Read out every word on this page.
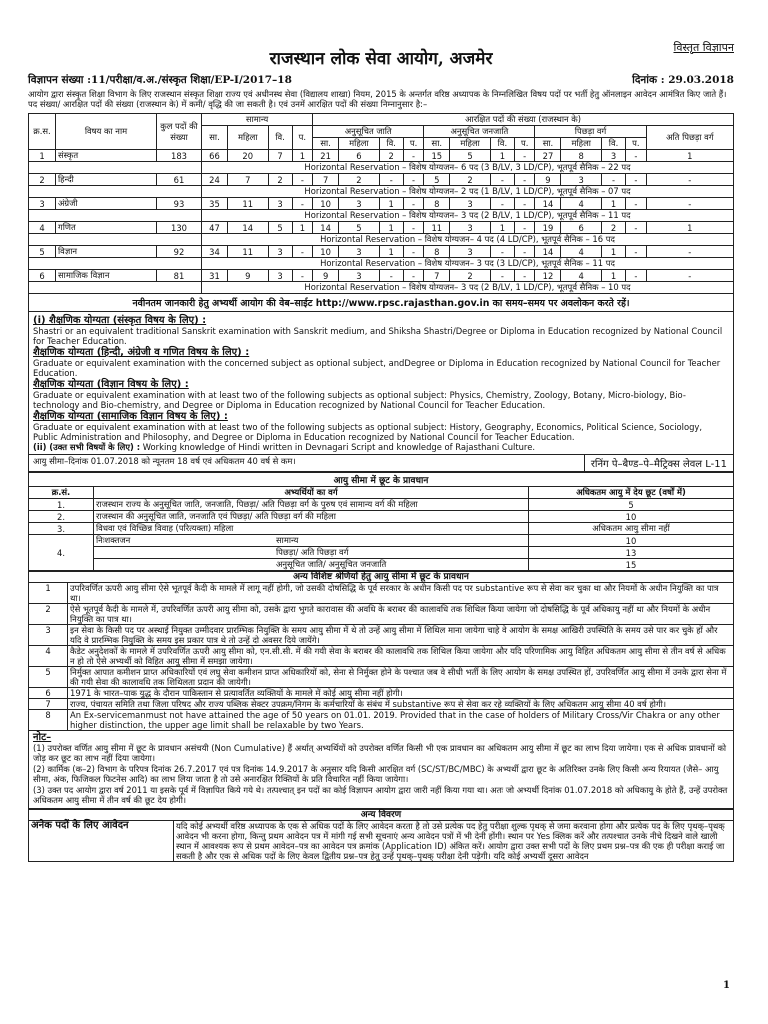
विस्तृत विज्ञापन
राजस्थान लोक सेवा आयोग, अजमेर
विज्ञापन संख्या :11/परीक्षा/व.अ./संस्कृत शिक्षा/EP-I/2017–18	दिनांक : 29.03.2018
आयोग द्वारा संस्कृत शिक्षा विभाग के लिए राजस्थान संस्कृत शिक्षा राज्य एवं अधीनस्थ सेवा (विद्यालय शाखा) नियम, 2015 के अन्तर्गत वरिष्ठ अध्यापक के निम्नलिखित विषय पदों पर भर्ती हेतु ऑनलाइन आवेदन आमंत्रित किए जाते हैं। पद संख्या/ आरक्षित पदों की संख्या (राजस्थान के) में कमी/ वृद्धि की जा सकती है। एवं उनमें आरक्षित पदों की संख्या निम्नानुसार है:–
क्र.स.	विषय का नाम	कुल पदों की संख्या	सामान्य				आरक्षित पदों की संख्या (राजस्थान के)												
			सा.	महिला	वि.	प.	अनुसूचित जाति				अनुसूचित जनजाति				पिछड़ा वर्ग				अति पिछड़ा वर्ग
							सा.	महिला	वि.	प.	सा.	महिला	वि.	प.	सा.	महिला	वि.	प.	
1	संस्कृत	183	66	20	7	1	21	6	2	-	15	5	1	-	27	8	3	-	1
			Horizontal Reservation – विशेष योग्यजन– 6 पद (3 B/LV, 3 LD/CP), भूतपूर्व सैनिक – 22 पद																
2	हिन्दी	61	24	7	2	-	7	2	-	-	5	2	-	-	9	3	-	-	-
			Horizontal Reservation – विशेष योग्यजन– 2 पद (1 B/LV, 1 LD/CP), भूतपूर्व सैनिक – 07 पद																
3	अंग्रेजी	93	35	11	3	-	10	3	1	-	8	3	-	-	14	4	1	-	-
			Horizontal Reservation – विशेष योग्यजन– 3 पद (2 B/LV, 1 LD/CP), भूतपूर्व सैनिक – 11 पद																
4	गणित	130	47	14	5	1	14	5	1	-	11	3	1	-	19	6	2	-	1
			Horizontal Reservation – विशेष योग्यजन– 4 पद (4 LD/CP), भूतपूर्व सैनिक – 16 पद																
5	विज्ञान	92	34	11	3	-	10	3	1	-	8	3	-	-	14	4	1	-	-
			Horizontal Reservation – विशेष योग्यजन– 3 पद (3 LD/CP), भूतपूर्व सैनिक – 11 पद																
6	सामाजिक विज्ञान	81	31	9	3	-	9	3	-	-	7	2	-	-	12	4	1	-	-
			Horizontal Reservation – विशेष योग्यजन– 3 पद (2 B/LV, 1 LD/CP), भूतपूर्व सैनिक – 10 पद																
नवीनतम जानकारी हेतु अभ्यर्थी आयोग की वेब–साईट http://www.rpsc.rajasthan.gov.in का समय–समय पर अवलोकन करते रहें।																			
(i) शैक्षणिक योग्यता (संस्कृत विषय के लिए) :

Shastri or an equivalent traditional Sanskrit examination with Sanskrit medium, and Shiksha Shastri/Degree or Diploma in Education recognized by National Council for Teacher Education.

शैक्षणिक योग्यता (हिन्दी, अंग्रेजी व गणित विषय के लिए) :

Graduate or equivalent examination with the concerned subject as optional subject, andDegree or Diploma in Education recognized by National Council for Teacher Education.

शैक्षणिक योग्यता (विज्ञान विषय के लिए) :

Graduate or equivalent examination with at least two of the following subjects as optional subject: Physics, Chemistry, Zoology, Botany, Micro-biology, Bio-technology and Bio-chemistry, and Degree or Diploma in Education recognized by National Council for Teacher Education.

शैक्षणिक योग्यता (सामाजिक विज्ञान विषय के लिए) :

Graduate or equivalent examination with at least two of the following subjects as optional subject: History, Geography, Economics, Political Science, Sociology, Public Administration and Philosophy, and Degree or Diploma in Education recognized by National Council for Teacher Education.

(ii) (उक्त सभी विषयों के लिए) : Working knowledge of Hindi written in Devnagari Script and knowledge of Rajasthani Culture.

आयु सीमा–दिनांक 01.07.2018 को न्यूनतम 18 वर्ष एवं अधिकतम 40 वर्ष से कम।	रनिंग पे–बैण्ड–पे–मैट्रिक्स लेवल L-11
आयु सीमा में छूट के प्रावधान		
क्र.सं.	अभ्यर्थियों का वर्ग	अधिकतम आयु में देय छूट (वर्षों में)
1.	राजस्थान राज्य के अनुसूचित जाति, जनजाति, पिछड़ा/ अति पिछड़ा वर्ग के पुरुष एवं सामान्य वर्ग की महिला	5
2.	राजस्थान की अनुसूचित जाति, जनजाति एवं पिछड़ा/ अति पिछड़ा वर्ग की महिला	10
3.	विधवा एवं विच्छिन्न विवाह (परित्यक्ता) महिला	अधिकतम आयु सीमा नहीं
4.	निःशक्तजन सामान्य	10
	पिछड़ा/ अति पिछड़ा वर्ग	13
	अनुसूचित जाति/ अनुसूचित जनजाति	15
अन्य विशिष्ट श्रेणियों हेतु आयु सीमा में छूट के प्रावधान	
1	उपरिवर्णित ऊपरी आयु सीमा ऐसे भूतपूर्व कैदी के मामले में लागू नहीं होगी, जो उसकी दोषसिद्धि के पूर्व सरकार के अधीन किसी पद पर substantive रूप से सेवा कर चुका था और नियमों के अधीन नियुक्ति का पात्र था।
2	ऐसे भूतपूर्व कैदी के मामले में, उपरिवर्णित ऊपरी आयु सीमा को, उसके द्वारा भुगते कारावास की अवधि के बराबर की कालावधि तक शिथिल किया जायेगा जो दोषसिद्धि के पूर्व अधिकायु नहीं था और नियमों के अधीन नियुक्ति का पात्र था।
3	इन सेवा के किसी पद पर अस्थाई नियुक्त उम्मीदवार प्रारम्भिक नियुक्ति के समय आयु सीमा में थे तो उन्हें आयु सीमा में शिथिल माना जायेगा चाहे वे आयोग के समक्ष आखिरी उपस्थिति के समय उसे पार कर चुके हों और यदि वे प्रारम्भिक नियुक्ति के समय इस प्रकार पात्र थे तो उन्हें दो अवसर दिये जायेंगे।
4	कैडेट अनुदेशकों के मामले में उपरिवर्णित ऊपरी आयु सीमा को, एन.सी.सी. में की गयी सेवा के बराबर की कालावधि तक शिथिल किया जायेगा और यदि परिणामिक आयु विहित अधिकतम आयु सीमा से तीन वर्ष से अधिक न हो तो ऐसे अभ्यर्थी को विहित आयु सीमा में समझा जायेगा।
5	निर्मुक्त आपात कमीशन प्राप्त अधिकारियों एवं लघु सेवा कमीशन प्राप्त अधिकारियों को, सेना से निर्मुक्त होने के पश्चात जब वे सीधी भर्ती के लिए आयोग के समक्ष उपस्थित हों, उपरिवर्णित आयु सीमा में उनके द्वारा सेना में की गयी सेवा की कालावधि तक शिथिलता प्रदान की जायेगी।
6	1971 के भारत–पाक युद्ध के दौरान पाकिस्तान से प्रत्यावर्तित व्यक्तियों के मामले में कोई आयु सीमा नहीं होगी।
7	राज्य, पंचायत समिति तथा जिला परिषद और राज्य पब्लिक सेक्टर उपक्रम/निगम के कर्मचारियों के संबंध में substantive रूप से सेवा कर रहे व्यक्तियों के लिए अधिकतम आयु सीमा 40 वर्ष होगी।
8	An Ex-servicemanmust not have attained the age of 50 years on 01.01. 2019. Provided that in the case of holders of Military Cross/Vir Chakra or any other higher distinction, the upper age limit shall be relaxable by two Years.
नोट–

(1) उपरोक्त वर्णित आयु सीमा में छूट के प्रावधान असंचयी (Non Cumulative) हैं अर्थात् अभ्यर्थियों को उपरोक्त वर्णित किसी भी एक प्रावधान का अधिकतम आयु सीमा में छूट का लाभ दिया जायेगा। एक से अधिक प्रावधानों को जोड़ कर छूट का लाभ नहीं दिया जायेगा।

(2) कार्मिक (क–2) विभाग के परिपत्र दिनांक 26.7.2017 एवं पत्र दिनांक 14.9.2017 के अनुसार यदि किसी आरक्षित वर्ग (SC/ST/BC/MBC) के अभ्यर्थी द्वारा छूट के अतिरिक्त उनके लिए किसी अन्य रियायत (जैसे– आयु सीमा, अंक, फिजिकल फिटनेस आदि) का लाभ लिया जाता है तो उसे अनारक्षित रिक्तियों के प्रति विचारित नहीं किया जायेगा।

(3) उक्त पद आयोग द्वारा वर्ष 2011 या इसके पूर्व में विज्ञापित किये गये थे। तत्पश्चात् इन पदों का कोई विज्ञापन आयोग द्वारा जारी नहीं किया गया था। अतः जो अभ्यर्थी दिनांक 01.07.2018 को अधिकायु के होते हैं, उन्हें उपरोक्त अधिकतम आयु सीमा में तीन वर्ष की छूट देय होगी।

अन्य विवरण
अनेक पदों के लिए आवेदन	यदि कोई अभ्यर्थी वरिष्ठ अध्यापक के एक से अधिक पदों के लिए आवेदन करता है तो उसे प्रत्येक पद हेतु परीक्षा शुल्क पृथक् से जमा करवाना होगा और प्रत्येक पद के लिए पृथक्–पृथक् आवेदन भी करना होगा, किन्तु प्रथम आवेदन पत्र में मांगी गई सभी सूचनाएं अन्य आवेदन पत्रों में भी देनी होंगी। स्थान पर Yes क्लिक करें और तत्पश्चात उनके नीचे दिखने वाले खाली स्थान में आवश्यक रूप से प्रथम आवेदन–पत्र का आवेदन पत्र क्रमांक (Application ID) अंकित करें। आयोग द्वारा उक्त सभी पदों के लिए प्रथम प्रश्न–पत्र की एक ही परीक्षा कराई जा सकती है और एक से अधिक पदों के लिए केवल द्वितीय प्रश्न–पत्र हेतु उन्हें पृथक्–पृथक् परीक्षा देनी पड़ेगी। यदि कोई अभ्यर्थी दूसरा आवेदन
1
